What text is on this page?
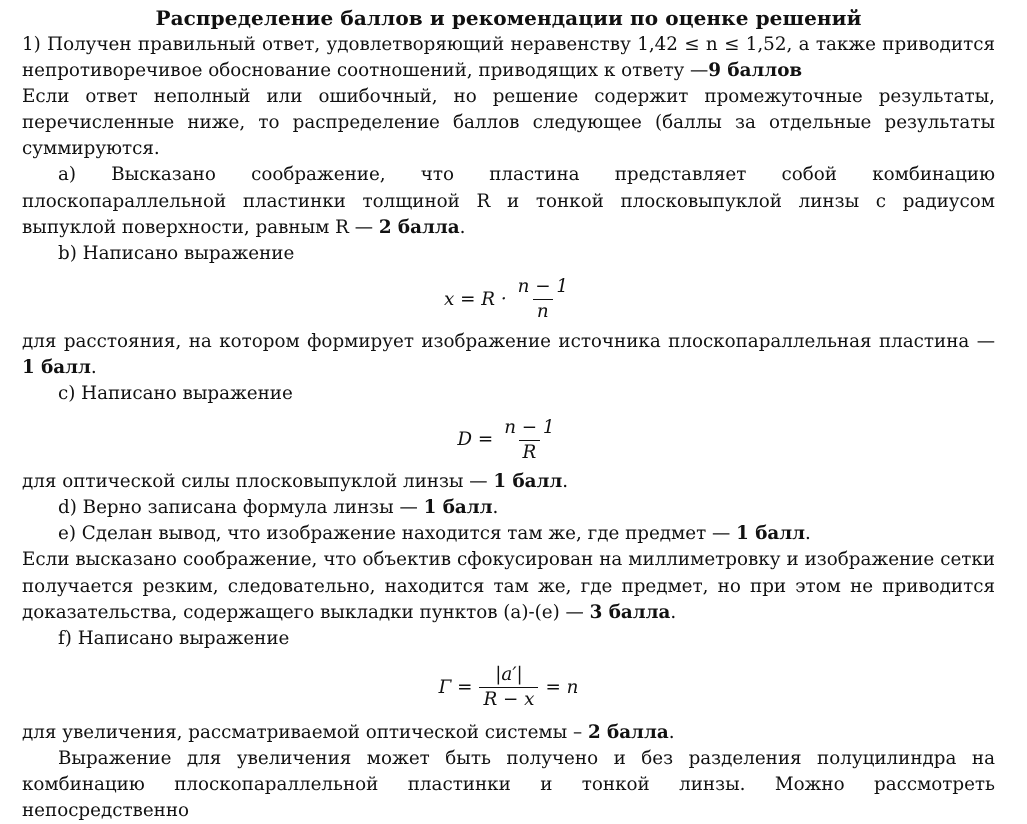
Распределение баллов и рекомендации по оценке решений

1) Получен правильный ответ, удовлетворяющий неравенству 1,42 ≤ n ≤ 1,52, а также приводится непротиворечивое обоснование соотношений, приводящих к ответу —9 баллов

Если ответ неполный или ошибочный, но решение содержит промежуточные результаты, перечисленные ниже, то распределение баллов следующее (баллы за отдельные результаты суммируются.

a) Высказано соображение, что пластина представляет собой комбинацию плоскопараллельной пластинки толщиной R и тонкой плосковыпуклой линзы с радиусом выпуклой поверхности, равным R — 2 балла.

b) Написано выражение

$x = R \cdot \frac{n - 1}{n}$

для расстояния, на котором формирует изображение источника плоскопараллельная пластина — 1 балл.

c) Написано выражение

$D = \frac{n - 1}{R}$

для оптической силы плосковыпуклой линзы — 1 балл.

d) Верно записана формула линзы — 1 балл.

e) Сделан вывод, что изображение находится там же, где предмет — 1 балл.

Если высказано соображение, что объектив сфокусирован на миллиметровку и изображение сетки получается резким, следовательно, находится там же, где предмет, но при этом не приводится доказательства, содержащего выкладки пунктов (a)-(e) — 3 балла.

f) Написано выражение

$\Gamma = \frac{|a'|}{R - x} = n$

для увеличения, рассматриваемой оптической системы – 2 балла.

Выражение для увеличения может быть получено и без разделения полуцилиндра на комбинацию плоскопараллельной пластинки и тонкой линзы. Можно рассмотреть непосредственно
